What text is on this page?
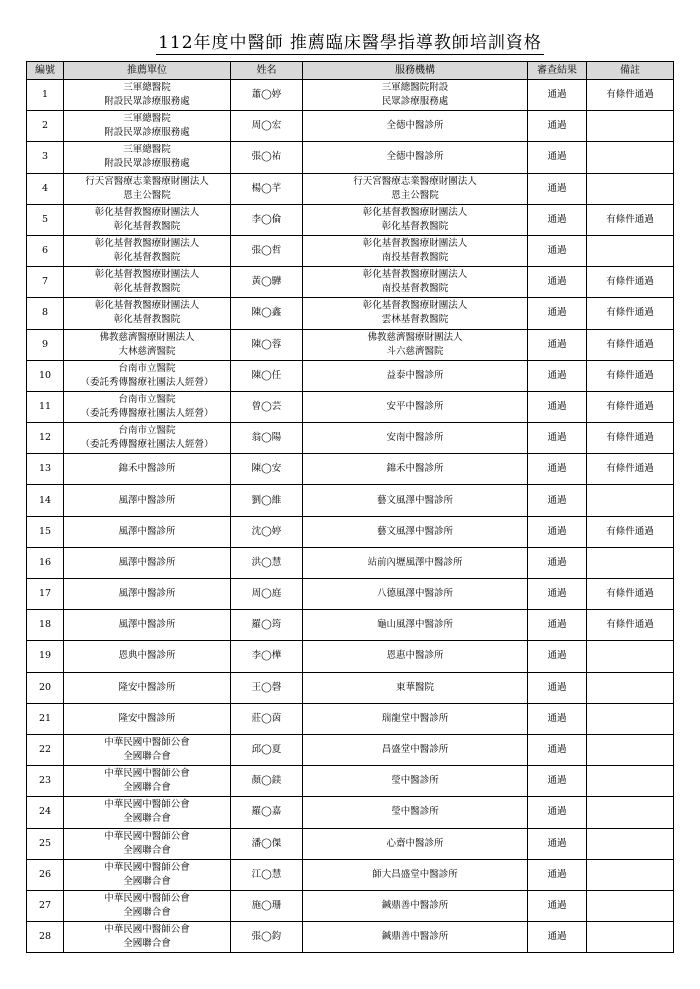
112年度中醫師 推薦臨床醫學指導教師培訓資格
編號	推薦單位	姓名	服務機構	審查結果	備註
1	三軍總醫院
附設民眾診療服務處	蕭◯婷	三軍總醫院附設
民眾診療服務處	通過	有條件通過
2	三軍總醫院
附設民眾診療服務處	周◯宏	全德中醫診所	通過	
3	三軍總醫院
附設民眾診療服務處	張◯祐	全德中醫診所	通過	
4	行天宮醫療志業醫療財團法人
恩主公醫院	楊◯芊	行天宮醫療志業醫療財團法人
恩主公醫院	通過	
5	彰化基督教醫療財團法人
彰化基督教醫院	李◯倫	彰化基督教醫療財團法人
彰化基督教醫院	通過	有條件通過
6	彰化基督教醫療財團法人
彰化基督教醫院	張◯哲	彰化基督教醫療財團法人
南投基督教醫院	通過	
7	彰化基督教醫療財團法人
彰化基督教醫院	黃◯驊	彰化基督教醫療財團法人
南投基督教醫院	通過	有條件通過
8	彰化基督教醫療財團法人
彰化基督教醫院	陳◯鑫	彰化基督教醫療財團法人
雲林基督教醫院	通過	有條件通過
9	佛教慈濟醫療財團法人
大林慈濟醫院	陳◯蓉	佛教慈濟醫療財團法人
斗六慈濟醫院	通過	有條件通過
10	台南市立醫院
（委託秀傳醫療社團法人經營）	陳◯任	益泰中醫診所	通過	有條件通過
11	台南市立醫院
（委託秀傳醫療社團法人經營）	曾◯芸	安平中醫診所	通過	有條件通過
12	台南市立醫院
（委託秀傳醫療社團法人經營）	翁◯陽	安南中醫診所	通過	有條件通過
13	錦禾中醫診所	陳◯安	錦禾中醫診所	通過	有條件通過
14	風澤中醫診所	劉◯維	藝文風澤中醫診所	通過	
15	風澤中醫診所	沈◯婷	藝文風澤中醫診所	通過	有條件通過
16	風澤中醫診所	洪◯慧	站前內壢風澤中醫診所	通過	
17	風澤中醫診所	周◯庭	八德風澤中醫診所	通過	有條件通過
18	風澤中醫診所	羅◯筠	龜山風澤中醫診所	通過	有條件通過
19	恩典中醫診所	李◯樺	恩惠中醫診所	通過	
20	隆安中醫診所	王◯磬	東華醫院	通過	
21	隆安中醫診所	莊◯茵	瑞龍堂中醫診所	通過	
22	中華民國中醫師公會
全國聯合會	邱◯夏	昌盛堂中醫診所	通過	
23	中華民國中醫師公會
全國聯合會	顏◯鎂	瑩中醫診所	通過	
24	中華民國中醫師公會
全國聯合會	羅◯嘉	瑩中醫診所	通過	
25	中華民國中醫師公會
全國聯合會	潘◯傑	心齋中醫診所	通過	
26	中華民國中醫師公會
全國聯合會	江◯慧	師大昌盛堂中醫診所	通過	
27	中華民國中醫師公會
全國聯合會	施◯珊	鍼鼎善中醫診所	通過	
28	中華民國中醫師公會
全國聯合會	張◯鈞	鍼鼎善中醫診所	通過	
